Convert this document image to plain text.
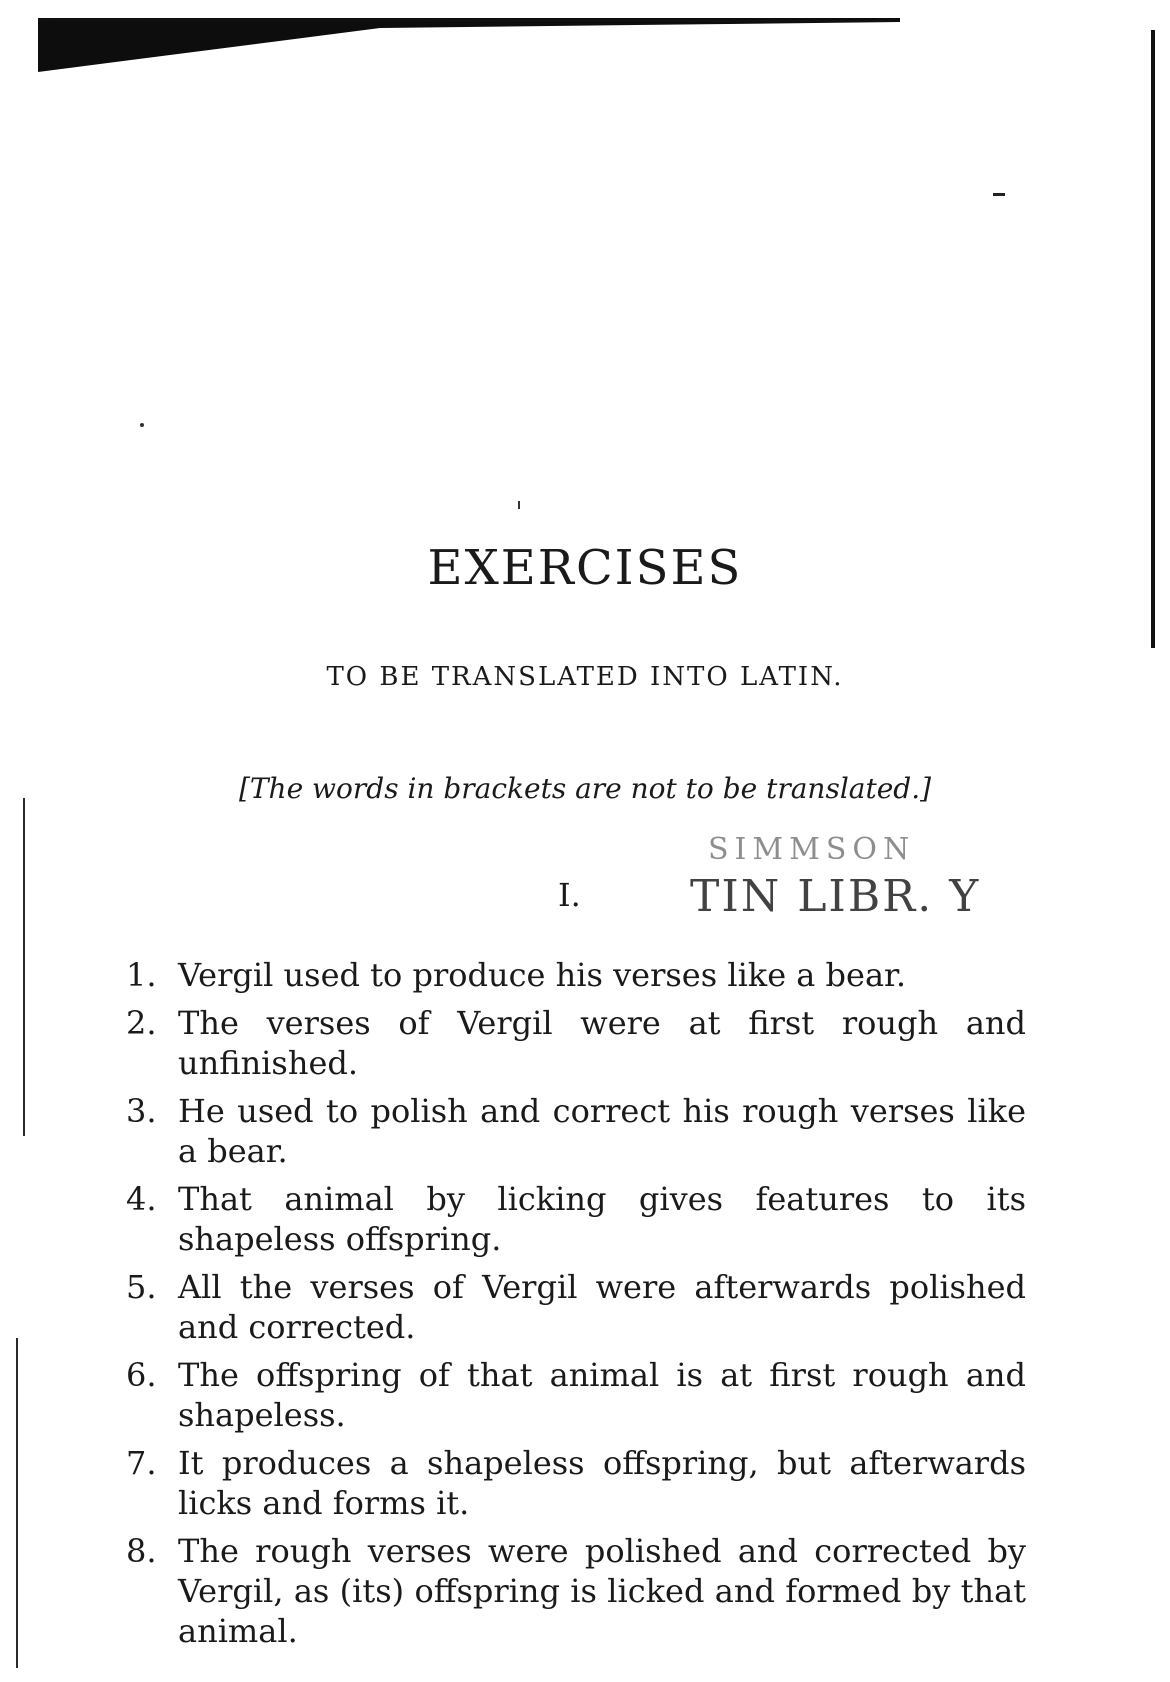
EXERCISES
TO BE TRANSLATED INTO LATIN.
[The words in brackets are not to be translated.]
I.
SIMMSON
TIN LIBR. Y
1. Vergil used to produce his verses like a bear.
2. The verses of Vergil were at first rough and unfinished.
3. He used to polish and correct his rough verses like a bear.
4. That animal by licking gives features to its shapeless offspring.
5. All the verses of Vergil were afterwards polished and corrected.
6. The offspring of that animal is at first rough and shapeless.
7. It produces a shapeless offspring, but afterwards licks and forms it.
8. The rough verses were polished and corrected by Vergil, as (its) offspring is licked and formed by that animal.
